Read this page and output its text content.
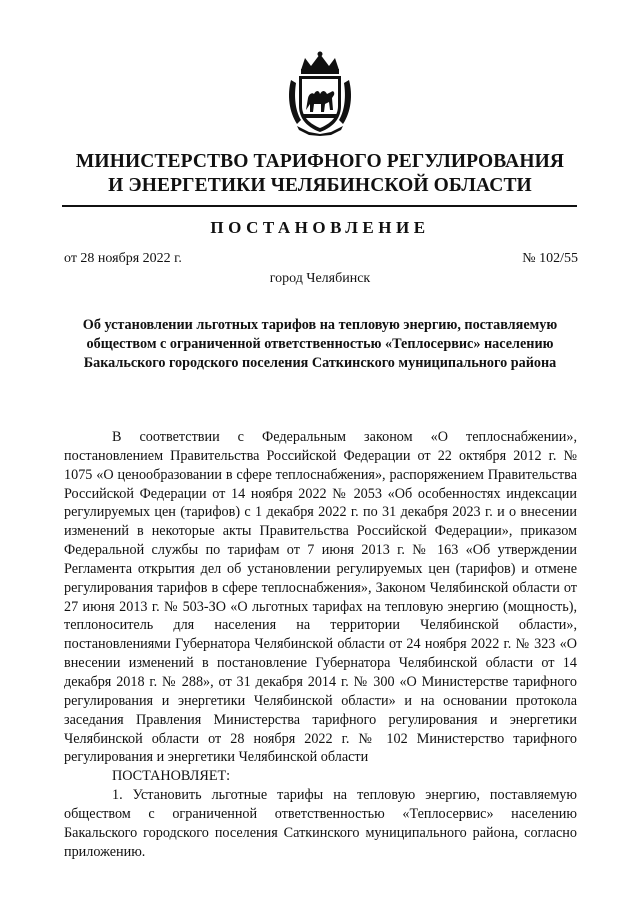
МИНИСТЕРСТВО ТАРИФНОГО РЕГУЛИРОВАНИЯ
И ЭНЕРГЕТИКИ ЧЕЛЯБИНСКОЙ ОБЛАСТИ
ПОСТАНОВЛЕНИЕ
от 28 ноября 2022 г.	№ 102/55
город Челябинск
Об установлении льготных тарифов на тепловую энергию, поставляемую обществом с ограниченной ответственностью «Теплосервис» населению Бакальского городского поселения Саткинского муниципального района

В соответствии с Федеральным законом «О теплоснабжении», постановлением Правительства Российской Федерации от 22 октября 2012 г. № 1075 «О ценообразовании в сфере теплоснабжения», распоряжением Правительства Российской Федерации от 14 ноября 2022 № 2053 «Об особенностях индексации регулируемых цен (тарифов) с 1 декабря 2022 г. по 31 декабря 2023 г. и о внесении изменений в некоторые акты Правительства Российской Федерации», приказом Федеральной службы по тарифам от 7 июня 2013 г. № 163 «Об утверждении Регламента открытия дел об установлении регулируемых цен (тарифов) и отмене регулирования тарифов в сфере теплоснабжения», Законом Челябинской области от 27 июня 2013 г. № 503-ЗО «О льготных тарифах на тепловую энергию (мощность), теплоноситель для населения на территории Челябинской области», постановлениями Губернатора Челябинской области от 24 ноября 2022 г. № 323 «О внесении изменений в постановление Губернатора Челябинской области от 14 декабря 2018 г. № 288», от 31 декабря 2014 г. № 300 «О Министерстве тарифного регулирования и энергетики Челябинской области» и на основании протокола заседания Правления Министерства тарифного регулирования и энергетики Челябинской области от 28 ноября 2022 г. № 102 Министерство тарифного регулирования и энергетики Челябинской области

ПОСТАНОВЛЯЕТ:

1. Установить льготные тарифы на тепловую энергию, поставляемую обществом с ограниченной ответственностью «Теплосервис» населению Бакальского городского поселения Саткинского муниципального района, согласно приложению.
